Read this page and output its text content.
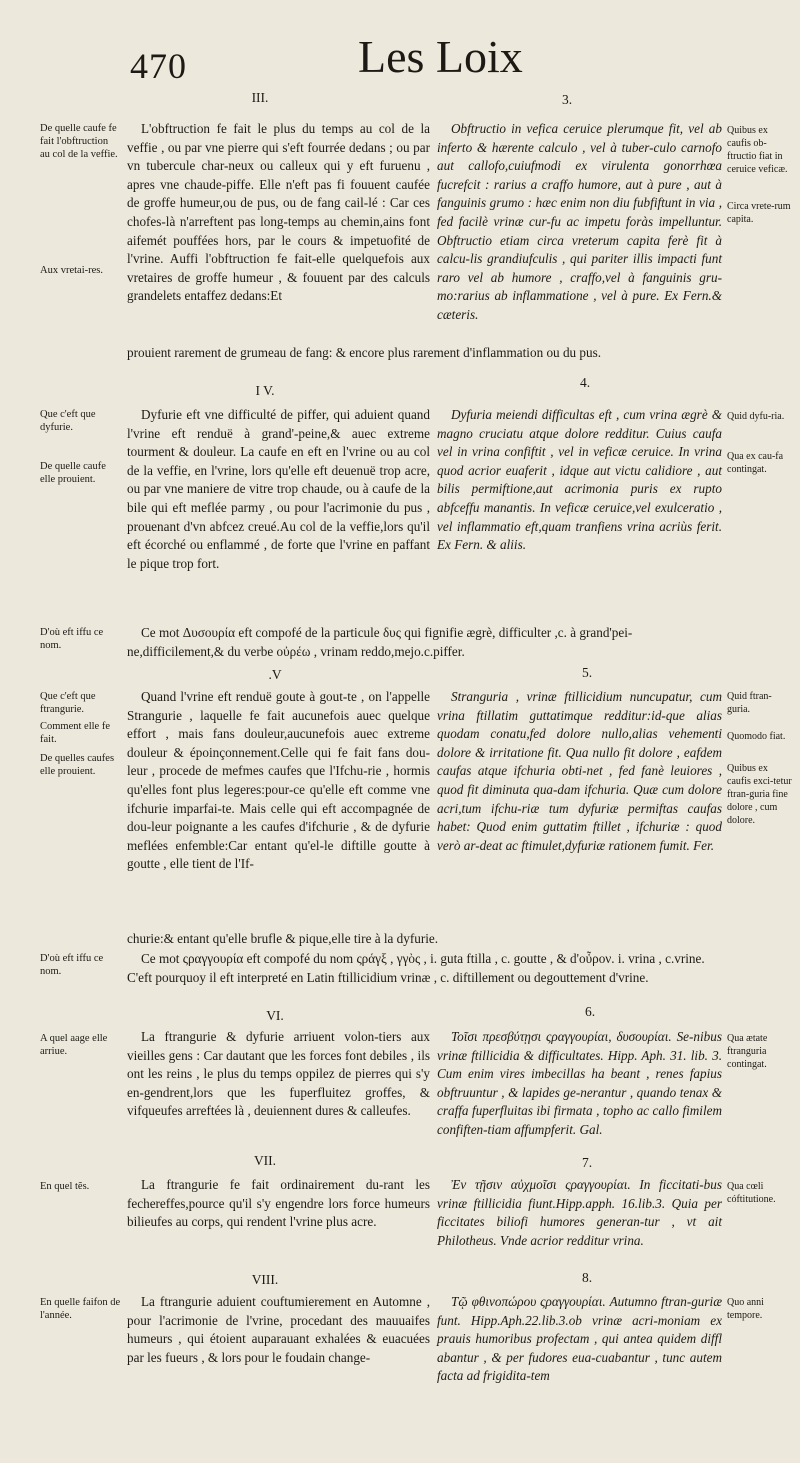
470	Les Loix
III.	3.
De quelle caufe fe fait l'obftruction au col de la veffie.
Aux vretai-res.
L'obftruction fe fait le plus du temps au col de la veffie , ou par vne pierre qui s'eft fourrée dedans ; ou par vn tubercule char-neux ou calleux qui y eft furuenu , apres vne chaude-piffe. Elle n'eft pas fi fouuent caufée de groffe humeur,ou de pus, ou de fang cail-lé : Car ces chofes-là n'arreftent pas long-temps au chemin,ains font aifemét pouffées hors, par le cours & impetuofité de l'vrine. Auffi l'obftruction fe fait-elle quelquefois aux vretaires de groffe humeur , & fouuent par des calculs grandelets entaffez dedans:Et
prouient rarement de grumeau de fang: & encore plus rarement d'inflammation ou du pus.
Obftructio in vefica ceruice plerumque fit, vel ab inferto & hærente calculo , vel à tuber-culo carnofo aut callofo,cuiufmodi ex virulenta gonorrhœa fucrefcit : rarius a craffo humore, aut à pure , aut à fanguinis grumo : hæc enim non diu fubfiftunt in via , fed facilè vrinæ cur-fu ac impetu foràs impelluntur. Obftructio etiam circa vreterum capita ferè fit à calcu-lis grandiufculis , qui pariter illis impacti funt raro vel ab humore , craffo,vel à fanguinis gru-mo:rarius ab inflammatione , vel à pure. Ex Fern.& cæteris.
Quibus ex caufis ob-ftructio fiat in ceruice veficæ.
Circa vrete-rum capita.
I V.
4.
Que c'eft que dyfurie.
De quelle caufe elle prouient.
Dyfurie eft vne difficulté de piffer, qui aduient quand l'vrine eft renduë à grand'-peine,& auec extreme tourment & douleur. La caufe en eft en l'vrine ou au col de la veffie, en l'vrine, lors qu'elle eft deuenuë trop acre, ou par vne maniere de vitre trop chaude, ou à caufe de la bile qui eft meflée parmy , ou pour l'acrimonie du pus , prouenant d'vn abfcez creué.Au col de la veffie,lors qu'il eft écorché ou enflammé , de forte que l'vrine en paffant le pique trop fort.
Dyfuria meiendi difficultas eft , cum vrina ægrè & magno cruciatu atque dolore redditur. Cuius caufa vel in vrina confiftit , vel in veficæ ceruice. In vrina quod acrior euaferit , idque aut victu calidiore , aut bilis permiftione,aut acrimonia puris ex rupto abfceffu manantis. In veficæ ceruice,vel exulceratio , vel inflammatio eft,quam tranfiens vrina acriùs ferit. Ex Fern. & aliis.
Quid dyfu-ria.
Qua ex cau-fa contingat.
D'où eft iffu ce nom.
Ce mot Δυσουρία eft compofé de la particule δυς qui fignifie ægrè, difficulter ,c. à grand'pei-ne,difficilement,& du verbe οὐρέω , vrinam reddo,mejo.c.piffer.
.V	5.
Que c'eft que ftrangurie.
Comment elle fe fait.
De quelles caufes elle prouient.
Quand l'vrine eft renduë goute à gout-te , on l'appelle Strangurie , laquelle fe fait aucunefois auec quelque effort , mais fans douleur,aucunefois auec extreme douleur & époinçonnement.Celle qui fe fait fans dou-leur , procede de mefmes caufes que l'Ifchu-rie , hormis qu'elles font plus legeres:pour-ce qu'elle eft comme vne ifchurie imparfai-te. Mais celle qui eft accompagnée de dou-leur poignante a les caufes d'ifchurie , & de dyfurie meflées enfemble:Car entant qu'el-le diftille goutte à goutte , elle tient de l'If-
churie:& entant qu'elle brufle & pique,elle tire à la dyfurie.
Stranguria , vrinæ ftillicidium nuncupatur, cum vrina ftillatim guttatimque redditur:id-que alias quodam conatu,fed dolore nullo,alias vehementi dolore & irritatione fit. Qua nullo fit dolore , eafdem caufas atque ifchuria obti-net , fed fanè leuiores , quod fit diminuta qua-dam ifchuria. Quæ cum dolore acri,tum ifchu-riæ tum dyfuriæ permiftas caufas habet: Quod enim guttatim ftillet , ifchuriæ : quod verò ar-deat ac ftimulet,dyfuriæ rationem fumit. Fer.
Quid ftran-guria.
Quomodo fiat.
Quibus ex caufis exci-tetur ftran-guria fine dolore , cum dolore.
D'où eft iffu ce nom.
Ce mot ςραγγουρία eft compofé du nom ςράγξ , γγὸς , i. guta ftilla , c. goutte , & d'οὖρον. i. vrina , c.vrine. C'eft pourquoy il eft interpreté en Latin ftillicidium vrinæ , c. diftillement ou degouttement d'vrine.
VI.	6.
A quel aage elle arriue.
La ftrangurie & dyfurie arriuent volon-tiers aux vieilles gens : Car dautant que les forces font debiles , ils ont les reins , le plus du temps oppilez de pierres qui s'y en-gendrent,lors que les fuperfluitez groffes, & vifqueufes arreftées là , deuiennent dures & calleufes.
Τοῖσι πρεσβύτῃσι ςραγγουρίαι, δυσουρίαι. Se-nibus vrinæ ftillicidia & difficultates. Hipp. Aph. 31. lib. 3. Cum enim vires imbecillas ha beant , renes fapius obftruuntur , & lapides ge-nerantur , quando tenax & craffa fuperfluitas ibi firmata , topho ac callo fimilem confiften-tiam affumpferit. Gal.
Qua ætate ftranguria contingat.
VII.	7.
En quel tẽs.	La ftrangurie fe fait ordinairement du-rant les fechereffes,pource qu'il s'y engendre lors force humeurs bilieufes au corps, qui rendent l'vrine plus acre.
Ἐν τῇσιν αὐχμοῖσι ςραγγουρίαι. In ficcitati-bus vrinæ ftillicidia fiunt.Hipp.apph. 16.lib.3. Quia per ficcitates biliofi humores generan-tur , vt ait Philotheus. Vnde acrior redditur vrina.
Qua cœli cóftitutione.
VIII.	8.
En quelle faifon de l'année.
La ftrangurie aduient couftumierement en Automne , pour l'acrimonie de l'vrine, procedant des mauuaifes humeurs , qui étoient auparauant exhalées & euacuées par les fueurs , & lors pour le foudain change-
Τῷ φθινοπώρου ςραγγουρίαι. Autumno ftran-guriæ funt. Hipp.Aph.22.lib.3.ob vrinæ acri-moniam ex prauis humoribus profectam , qui antea quidem diffl abantur , & per fudores eua-cuabantur , tunc autem facta ad frigidita-tem
Quo anni tempore.
